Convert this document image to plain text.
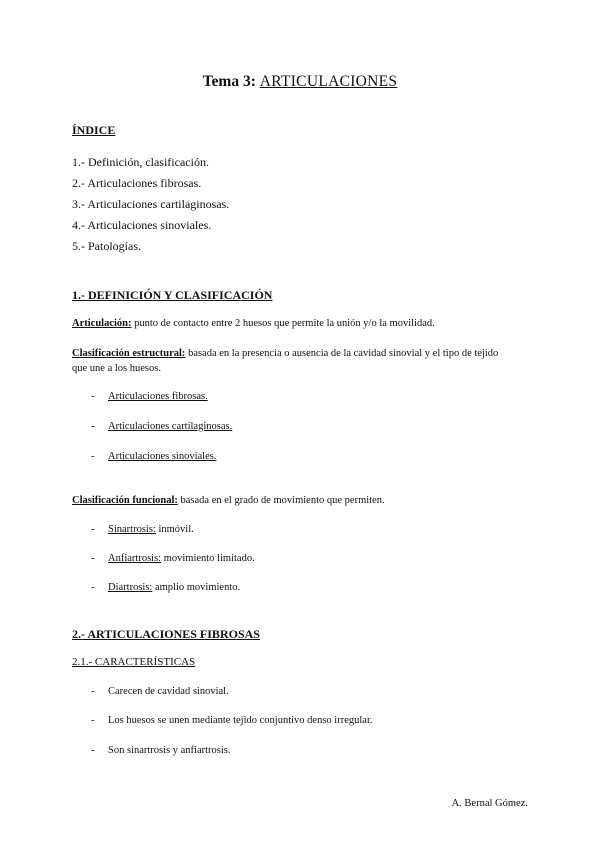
Tema 3: ARTICULACIONES
ÍNDICE
1.- Definición, clasificación.
2.- Articulaciones fibrosas.
3.- Articulaciones cartilaginosas.
4.- Articulaciones sinoviales.
5.- Patologías.
1.- DEFINICIÓN Y CLASIFICACIÓN
Articulación: punto de contacto entre 2 huesos que permite la unión y/o la movilidad.
Clasificación estructural: basada en la presencia o ausencia de la cavidad sinovial y el tipo de tejido
que une a los huesos.
- Articulaciones fibrosas.
- Articulaciones cartilaginosas.
- Articulaciones sinoviales.
Clasificación funcional: basada en el grado de movimiento que permiten.
- Sinartrosis: inmóvil.
- Anfiartrosis: movimiento limitado.
- Diartrosis: amplio movimiento.
2.- ARTICULACIONES FIBROSAS
2.1.- CARACTERÍSTICAS
- Carecen de cavidad sinovial.
- Los huesos se unen mediante tejido conjuntivo denso irregular.
- Son sinartrosis y anfiartrosis.
A. Bernal Gómez.
